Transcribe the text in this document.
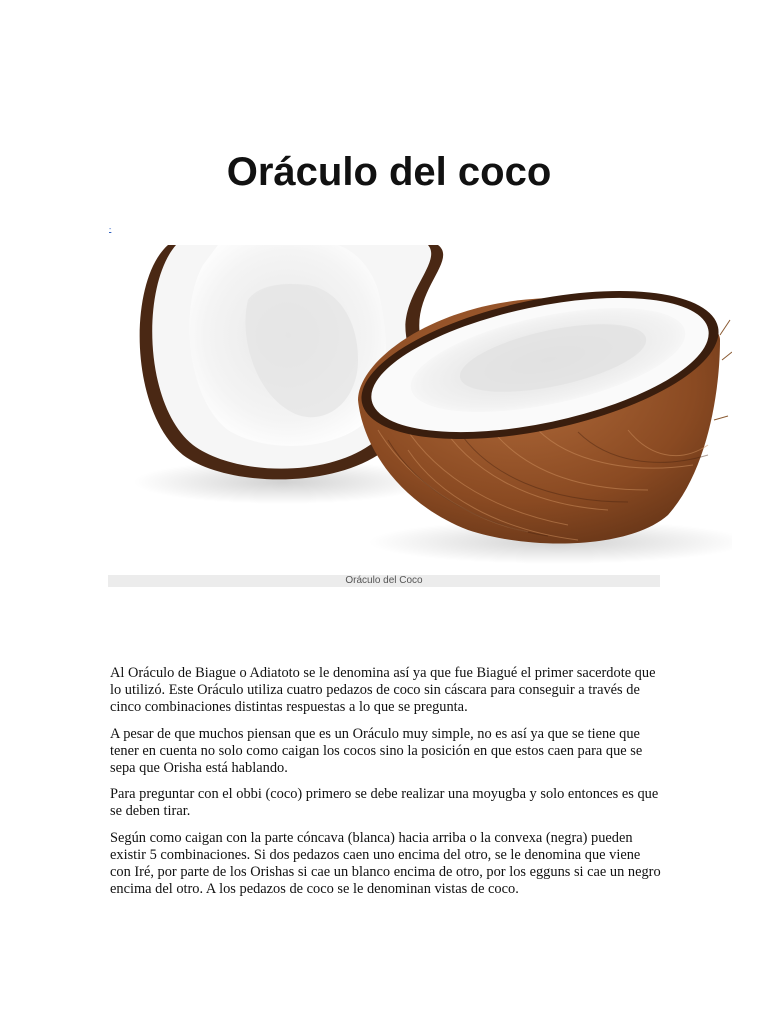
Oráculo del coco
-
Oráculo del Coco

Al Oráculo de Biague o Adiatoto se le denomina así ya que fue Biagué el primer sacerdote que lo utilizó. Este Oráculo utiliza cuatro pedazos de coco sin cáscara para conseguir a través de cinco combinaciones distintas respuestas a lo que se pregunta.

A pesar de que muchos piensan que es un Oráculo muy simple, no es así ya que se tiene que tener en cuenta no solo como caigan los cocos sino la posición en que estos caen para que se sepa que Orisha está hablando.

Para preguntar con el obbi (coco) primero se debe realizar una moyugba y solo entonces es que se deben tirar.

Según como caigan con la parte cóncava (blanca) hacia arriba o la convexa (negra) pueden existir 5 combinaciones. Si dos pedazos caen uno encima del otro, se le denomina que viene con Iré, por parte de los Orishas si cae un blanco encima de otro, por los egguns si cae un negro encima del otro. A los pedazos de coco se le denominan vistas de coco.
